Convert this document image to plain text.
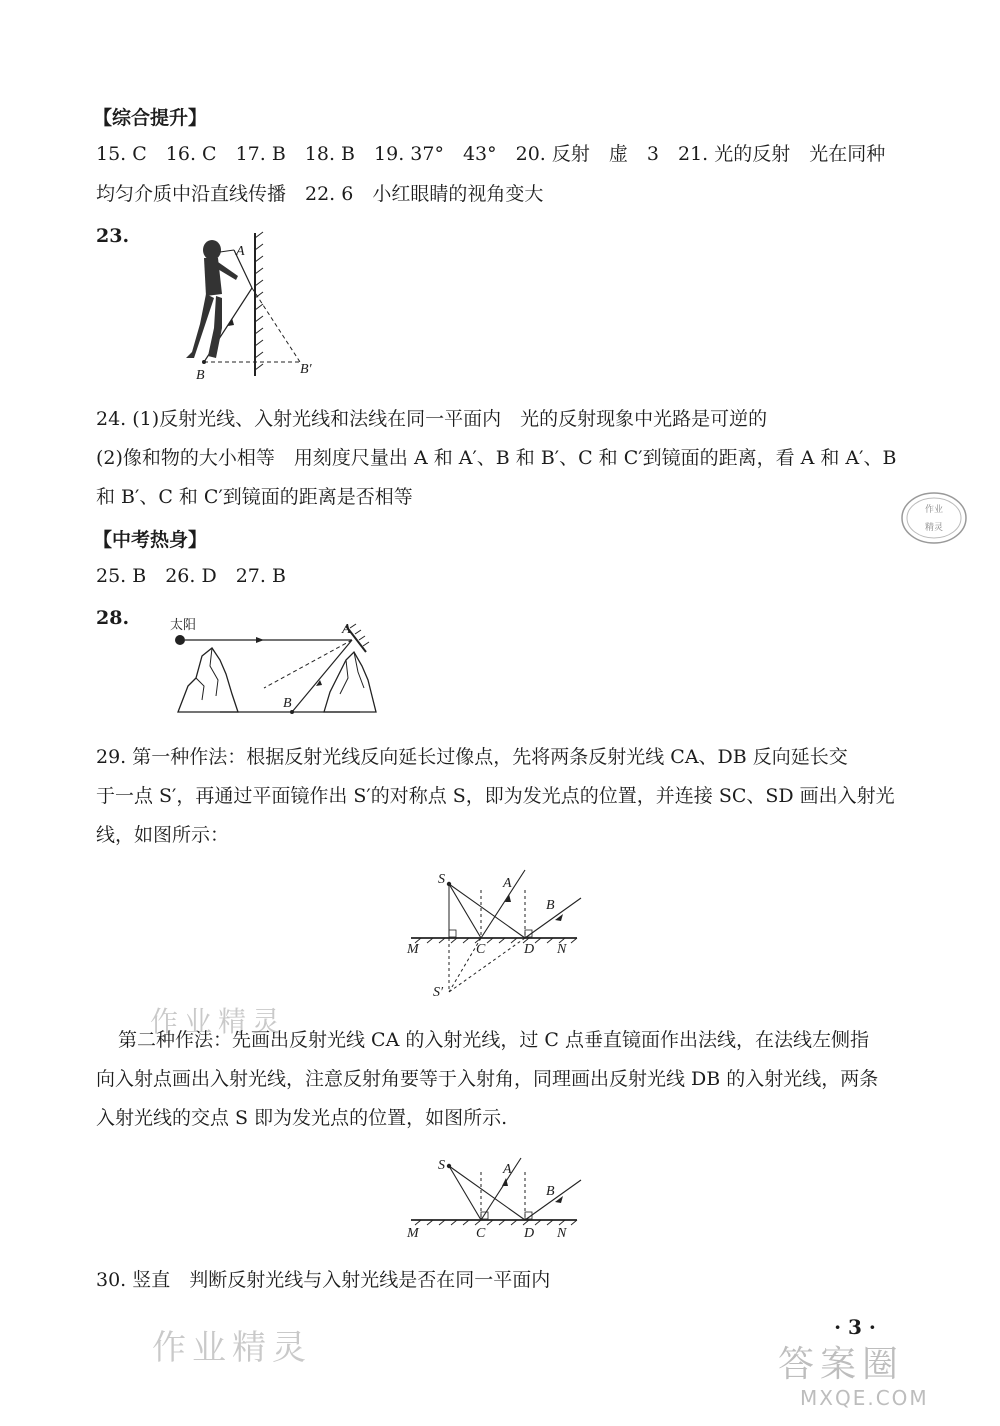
【综合提升】
15. C　16. C　17. B　18. B　19. 37°　43°　20. 反射　虚　3　21. 光的反射　光在同种
均匀介质中沿直线传播　22. 6　小红眼睛的视角变大
23.
A
B	B′
24. (1)反射光线、入射光线和法线在同一平面内　光的反射现象中光路是可逆的
(2)像和物的大小相等　用刻度尺量出 A 和 A′、B 和 B′、C 和 C′到镜面的距离，看 A 和 A′、B
和 B′、C 和 C′到镜面的距离是否相等
作业
精灵
【中考热身】
25. B　26. D　27. B
28.	太阳	A
B
29. 第一种作法：根据反射光线反向延长过像点，先将两条反射光线 CA、DB 反向延长交
于一点 S′，再通过平面镜作出 S′的对称点 S，即为发光点的位置，并连接 SC、SD 画出入射光
线，如图所示：
S	A
B
M	C	D N
S′
作业精灵
第二种作法：先画出反射光线 CA 的入射光线，过 C 点垂直镜面作出法线，在法线左侧指
向入射点画出入射光线，注意反射角要等于入射角，同理画出反射光线 DB 的入射光线，两条
入射光线的交点 S 即为发光点的位置，如图所示.
S	A
B
M	C	D N
30. 竖直　判断反射光线与入射光线是否在同一平面内
· 3 ·
作业精灵	答案圈
MXQE.COM
